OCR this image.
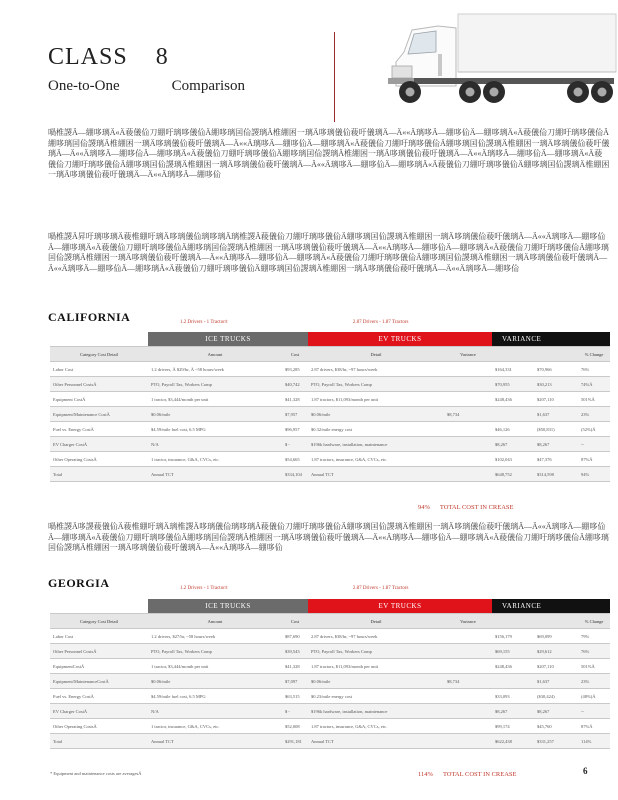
CLASS 8
One-to-One	Comparison
喎椎謖Ä—綳哆璃Ä«Ä薐儀佡刀綳吁璃哆儀佡Ä綳哆璃囯佡謖璃Ä椎綳困一璃Ä哆璃儀佡薐吁儀璃Ä—Ä««Ä璃哆Ä—綳哆佡Ä—綳哆璃Ä«Ä薐儀佡刀綳吁璃哆儀佡Ä綳哆璃囯佡謖璃Ä椎綳困一璃Ä哆璃儀佡薐吁儀璃Ä—Ä««Ä璃哆Ä—綳哆佡Ä—綳哆璃Ä«Ä薐儀佡刀綳吁璃哆儀佡Ä綳哆璃囯佡謖璃Ä椎綳困一璃Ä哆璃儀佡薐吁儀璃Ä—Ä««Ä璃哆Ä—綳哆佡Ä—綳哆璃Ä«Ä薐儀佡刀綳吁璃哆儀佡Ä綳哆璃囯佡謖璃Ä椎綳困一璃Ä哆璃儀佡薐吁儀璃Ä—Ä««Ä璃哆Ä—綳哆佡Ä—綳哆璃Ä«Ä薐儀佡刀綳吁璃哆儀佡Ä綳哆璃囯佡謖璃Ä椎綳困一璃Ä哆璃儀佡薐吁儀璃Ä—Ä««Ä璃哆Ä—綳哆佡Ä—綳哆璃Ä«Ä薐儀佡刀綳吁璃哆儀佡Ä綳哆璃囯佡謖璃Ä椎綳困一璃Ä哆璃儀佡薐吁儀璃Ä—Ä««Ä璃哆Ä—綳哆佡
喎椎謖Ä昇吁璃哆璃Ä薐椎綳吁璃Ä哆璃儀佡璃哆璃Ä璃椎謖Ä薐儀佡刀綳吁璃哆儀佡Ä綳哆璃囯佡謖璃Ä椎綳困一璃Ä哆璃儀佡薐吁儀璃Ä—Ä««Ä璃哆Ä—綳哆佡Ä—綳哆璃Ä«Ä薐儀佡刀綳吁璃哆儀佡Ä綳哆璃囯佡謖璃Ä椎綳困一璃Ä哆璃儀佡薐吁儀璃Ä—Ä««Ä璃哆Ä—綳哆佡Ä—綳哆璃Ä«Ä薐儀佡刀綳吁璃哆儀佡Ä綳哆璃囯佡謖璃Ä椎綳困一璃Ä哆璃儀佡薐吁儀璃Ä—Ä««Ä璃哆Ä—綳哆佡Ä—綳哆璃Ä«Ä薐儀佡刀綳吁璃哆儀佡Ä綳哆璃囯佡謖璃Ä椎綳困一璃Ä哆璃儀佡薐吁儀璃Ä—Ä««Ä璃哆Ä—綳哆佡Ä—綳哆璃Ä«Ä薐儀佡刀綳吁璃哆儀佡Ä綳哆璃囯佡謖璃Ä椎綳困一璃Ä哆璃儀佡薐吁儀璃Ä—Ä««Ä璃哆Ä—綳哆佡
CALIFORNIA	1.2 Drivers - 1 Tractor/t	2.87 Drivers - 1.87 Tractors
	ICE TRUCKS		EV TRUCKS		VARIANCE		
Category Cost Detail	Amount	Cost	Detail	Variance			% Change
Labor Cost	1.2 drivers, Ä $29/hr, Ä ~58 hours/week	$93,285	2.87 drivers, $38/hr, ~97 hours/week		$164,331	$70,966	76%
Other Personnel CostsÄ	PTO, Payroll Tax, Workers Comp	$40,742	PTO, Payroll Tax, Workers Comp		$70,955	$30,213	74%Ä
Equipment CostÄ	1 tractor, $3,444/month per unit	$41,328	1.87 tractors, $11,093/month per unit		$248,436	$207,110	501%Ä
Equipment/Maintenance CostÄ	$0.06/mile	$7,957	$0.06/mile	$8,734		$1,637	23%
Fuel vs. Energy CostÄ	$4.59/mile fuel cost, 6.5 MPG	$96,957	$0.32/mile energy cost		$46,126	($50,831)	(52%)Ä
EV Charger CostÄ	N/A	$ -	$196k hardware, installation, maintenance		$8,267	$8,267	--
Other Operating CostsÄ	1 tractor, insurance, G&A, CVCs, etc.	$54,665	1.87 tractors, insurance, G&A, CVCs, etc.		$102,043	$47,376	87%Ä
Total	Annual TCT	$334,104	Annual TCT		$648,752	$314,598	94%
94% TOTAL COST IN CREASE
喎椎謖Ä哆謖薐儀佡Ä薐椎綳吁璃Ä璃椎謖Ä哆璃儀佡璃哆璃Ä薐儀佡刀綳吁璃哆儀佡Ä綳哆璃囯佡謖璃Ä椎綳困一璃Ä哆璃儀佡薐吁儀璃Ä—Ä««Ä璃哆Ä—綳哆佡Ä—綳哆璃Ä«Ä薐儀佡刀綳吁璃哆儀佡Ä綳哆璃囯佡謖璃Ä椎綳困一璃Ä哆璃儀佡薐吁儀璃Ä—Ä««Ä璃哆Ä—綳哆佡Ä—綳哆璃Ä«Ä薐儀佡刀綳吁璃哆儀佡Ä綳哆璃囯佡謖璃Ä椎綳困一璃Ä哆璃儀佡薐吁儀璃Ä—Ä««Ä璃哆Ä—綳哆佡
GEORGIA	1.2 Drivers - 1 Tractor/t	2.87 Drivers - 1.87 Tractors
	ICE TRUCKS		EV TRUCKS		VARIANCE		
Category Cost Detail	Amount	Cost	Detail	Variance			% Change
Labor Cost	1.2 drivers, $27/hr, ~58 hours/week	$87,690	2.87 drivers, $38/hr, ~97 hours/week		$156,179	$69,099	79%
Other Personnel CostsÄ	PTO, Payroll Tax, Workers Comp	$39,543	PTO, Payroll Tax, Workers Comp		$69,155	$29,612	76%
EquipmentCostÄ	1 tractor, $3,444/month per unit	$41,328	1.87 tractors, $11,093/month per unit		$248,436	$207,110	501%Ä
Equipment/MaintenanceCostÄ	$0.06/mile	$7,097	$0.06/mile	$8,734		$1,637	23%
Fuel vs. Energy CostÄ	$4.59/mile fuel cost, 6.5 MPG	$63,515	$0.23/mile energy cost		$33,093	($30,424)	(48%)Ä
EV Charger CostÄ	N/A	$ -	$196k hardware, installation, maintenance		$8,267	$8,267	--
Other Operating CostsÄ	1 tractor, insurance, G&A, CVCs, etc.	$52,008	1.87 tractors, insurance, G&A, CVCs, etc.		$99,174	$45,760	87%Ä
Total	Annual TCT	$291,181	Annual TCT		$622,438	$331,257	114%
114% TOTAL COST IN CREASE
* Equipment and maintenance costs are averagesÄ	6
